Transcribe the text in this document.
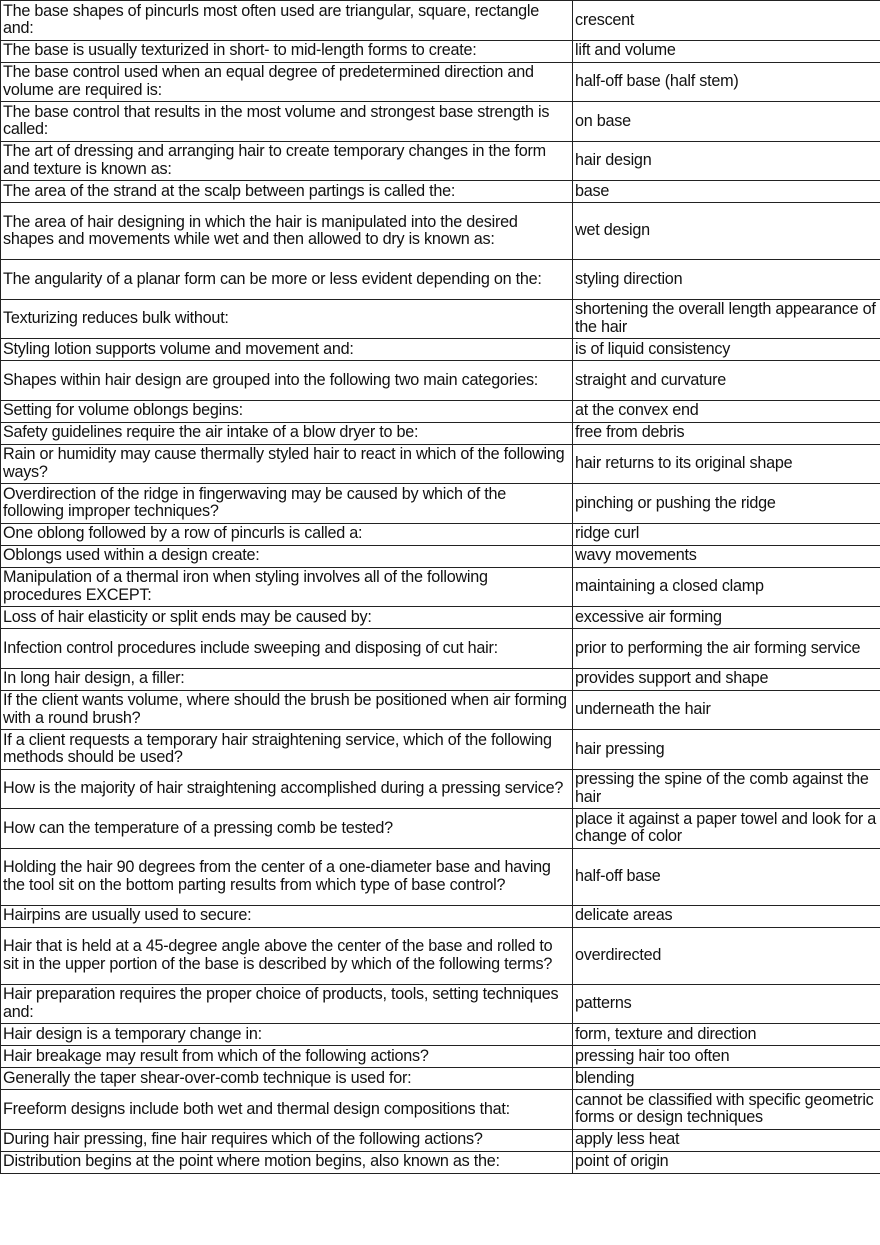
The base shapes of pincurls most often used are triangular, square, rectangle and:	crescent
The base is usually texturized in short- to mid-length forms to create:	lift and volume
The base control used when an equal degree of predetermined direction and volume are required is:	half-off base (half stem)
The base control that results in the most volume and strongest base strength is called:	on base
The art of dressing and arranging hair to create temporary changes in the form and texture is known as:	hair design
The area of the strand at the scalp between partings is called the:	base
The area of hair designing in which the hair is manipulated into the desired shapes and movements while wet and then allowed to dry is known as:	wet design
The angularity of a planar form can be more or less evident depending on the:	styling direction
Texturizing reduces bulk without:	shortening the overall length appearance of the hair
Styling lotion supports volume and movement and:	is of liquid consistency
Shapes within hair design are grouped into the following two main categories:	straight and curvature
Setting for volume oblongs begins:	at the convex end
Safety guidelines require the air intake of a blow dryer to be:	free from debris
Rain or humidity may cause thermally styled hair to react in which of the following ways?	hair returns to its original shape
Overdirection of the ridge in fingerwaving may be caused by which of the following improper techniques?	pinching or pushing the ridge
One oblong followed by a row of pincurls is called a:	ridge curl
Oblongs used within a design create:	wavy movements
Manipulation of a thermal iron when styling involves all of the following procedures EXCEPT:	maintaining a closed clamp
Loss of hair elasticity or split ends may be caused by:	excessive air forming
Infection control procedures include sweeping and disposing of cut hair:	prior to performing the air forming service
In long hair design, a filler:	provides support and shape
If the client wants volume, where should the brush be positioned when air forming with a round brush?	underneath the hair
If a client requests a temporary hair straightening service, which of the following methods should be used?	hair pressing
How is the majority of hair straightening accomplished during a pressing service?	pressing the spine of the comb against the hair
How can the temperature of a pressing comb be tested?	place it against a paper towel and look for a change of color
Holding the hair 90 degrees from the center of a one-diameter base and having the tool sit on the bottom parting results from which type of base control?	half-off base
Hairpins are usually used to secure:	delicate areas
Hair that is held at a 45-degree angle above the center of the base and rolled to sit in the upper portion of the base is described by which of the following terms?	overdirected
Hair preparation requires the proper choice of products, tools, setting techniques and:	patterns
Hair design is a temporary change in:	form, texture and direction
Hair breakage may result from which of the following actions?	pressing hair too often
Generally the taper shear-over-comb technique is used for:	blending
Freeform designs include both wet and thermal design compositions that:	cannot be classified with specific geometric forms or design techniques
During hair pressing, fine hair requires which of the following actions?	apply less heat
Distribution begins at the point where motion begins, also known as the:	point of origin
